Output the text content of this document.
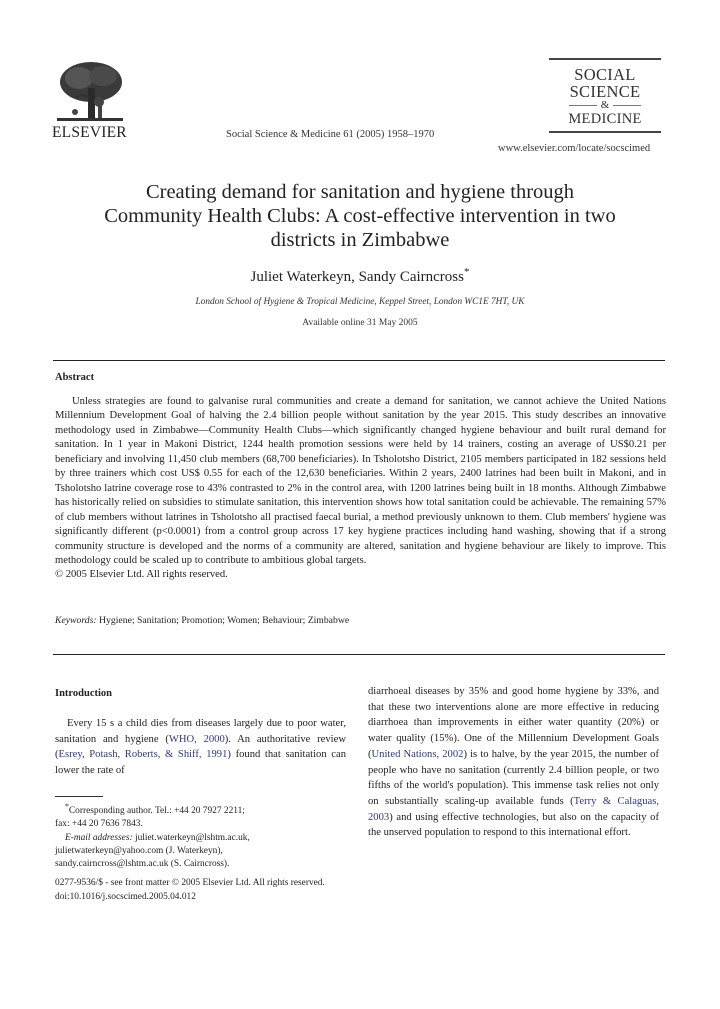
ELSEVIER	Social Science & Medicine 61 (2005) 1958–1970
SOCIAL
SCIENCE
&
MEDICINE
www.elsevier.com/locate/socscimed
Creating demand for sanitation and hygiene through
Community Health Clubs: A cost-effective intervention in two
districts in Zimbabwe
Juliet Waterkeyn, Sandy Cairncross*
London School of Hygiene & Tropical Medicine, Keppel Street, London WC1E 7HT, UK
Available online 31 May 2005
Abstract
Unless strategies are found to galvanise rural communities and create a demand for sanitation, we cannot achieve the United Nations Millennium Development Goal of halving the 2.4 billion people without sanitation by the year 2015. This study describes an innovative methodology used in Zimbabwe—Community Health Clubs—which significantly changed hygiene behaviour and built rural demand for sanitation. In 1 year in Makoni District, 1244 health promotion sessions were held by 14 trainers, costing an average of US$0.21 per beneficiary and involving 11,450 club members (68,700 beneficiaries). In Tsholotsho District, 2105 members participated in 182 sessions held by three trainers which cost US$ 0.55 for each of the 12,630 beneficiaries. Within 2 years, 2400 latrines had been built in Makoni, and in Tsholotsho latrine coverage rose to 43% contrasted to 2% in the control area, with 1200 latrines being built in 18 months. Although Zimbabwe has historically relied on subsidies to stimulate sanitation, this intervention shows how total sanitation could be achievable. The remaining 57% of club members without latrines in Tsholotsho all practised faecal burial, a method previously unknown to them. Club members' hygiene was significantly different (p<0.0001) from a control group across 17 key hygiene practices including hand washing, showing that if a strong community structure is developed and the norms of a community are altered, sanitation and hygiene behaviour are likely to improve. This methodology could be scaled up to contribute to ambitious global targets.
© 2005 Elsevier Ltd. All rights reserved.
Keywords: Hygiene; Sanitation; Promotion; Women; Behaviour; Zimbabwe
Introduction
Every 15 s a child dies from diseases largely due to poor water, sanitation and hygiene (WHO, 2000). An authoritative review (Esrey, Potash, Roberts, & Shiff, 1991) found that sanitation can lower the rate of
diarrhoeal diseases by 35% and good home hygiene by 33%, and that these two interventions alone are more effective in reducing diarrhoea than improvements in either water quantity (20%) or water quality (15%). One of the Millennium Development Goals (United Nations, 2002) is to halve, by the year 2015, the number of people who have no sanitation (currently 2.4 billion people, or two fifths of the world's population). This immense task relies not only on substantially scaling-up available funds (Terry & Calaguas, 2003) and using effective technologies, but also on the capacity of the unserved population to respond to this international effort.
*Corresponding author. Tel.: +44 20 7927 2211;
fax: +44 20 7636 7843.
E-mail addresses: juliet.waterkeyn@lshtm.ac.uk,
julietwaterkeyn@yahoo.com (J. Waterkeyn),
sandy.cairncross@lshtm.ac.uk (S. Cairncross).
0277-9536/$ - see front matter © 2005 Elsevier Ltd. All rights reserved.
doi:10.1016/j.socscimed.2005.04.012
